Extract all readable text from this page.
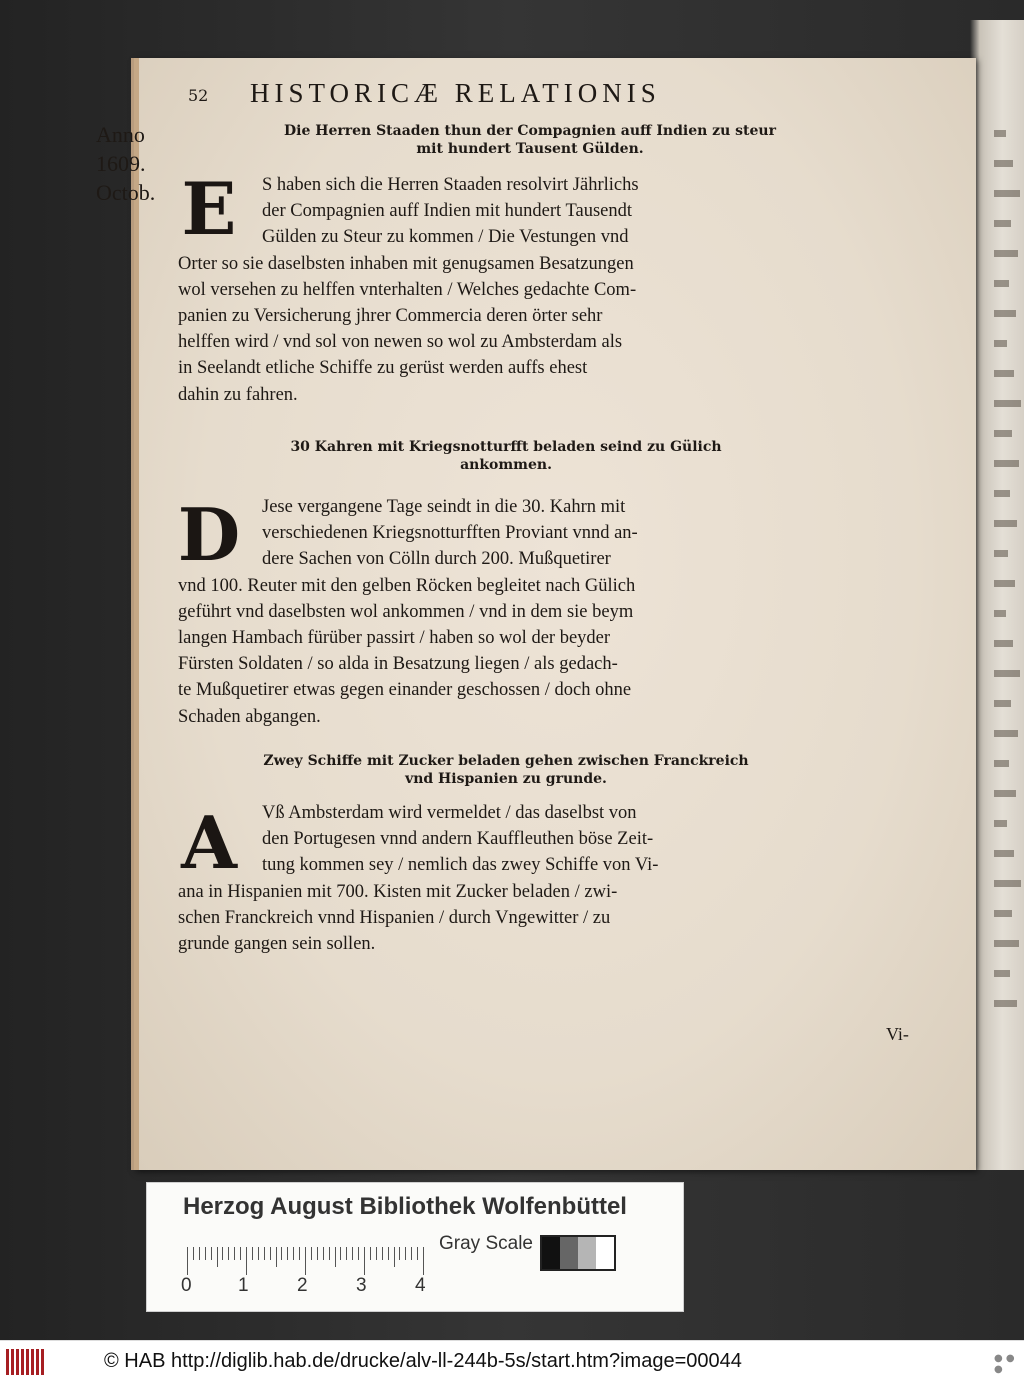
52 HISTORICÆ RELATIONIS
Anno
1609.
Octob.
Die Herren Staaden thun der Compagnien auff Indien zu steur
mit hundert Tausent Gülden.
E	S haben sich die Herren Staaden resolvirt Jährlichs
der Compagnien auff Indien mit hundert Tausendt
Gülden zu Steur zu kommen / Die Vestungen vnd
Orter so sie daselbsten inhaben mit genugsamen Besatzungen
wol versehen zu helffen vnterhalten / Welches gedachte Com-
panien zu Versicherung jhrer Commercia deren örter sehr
helffen wird / vnd sol von newen so wol zu Ambsterdam als
in Seelandt etliche Schiffe zu gerüst werden auffs ehest
dahin zu fahren.
30 Kahren mit Kriegsnotturfft beladen seind zu Gülich
ankommen.
D	Jese vergangene Tage seindt in die 30. Kahrn mit
verschiedenen Kriegsnotturfften Proviant vnnd an-
dere Sachen von Cölln durch 200. Mußquetirer
vnd 100. Reuter mit den gelben Röcken begleitet nach Gülich
geführt vnd daselbsten wol ankommen / vnd in dem sie beym
langen Hambach fürüber passirt / haben so wol der beyder
Fürsten Soldaten / so alda in Besatzung liegen / als gedach-
te Mußquetirer etwas gegen einander geschossen / doch ohne
Schaden abgangen.
Zwey Schiffe mit Zucker beladen gehen zwischen Franckreich
vnd Hispanien zu grunde.
A	Vß Ambsterdam wird vermeldet / das daselbst von
den Portugesen vnnd andern Kauffleuthen böse Zeit-
tung kommen sey / nemlich das zwey Schiffe von Vi-
ana in Hispanien mit 700. Kisten mit Zucker beladen / zwi-
schen Franckreich vnnd Hispanien / durch Vngewitter / zu
grunde gangen sein sollen.
Vi-
Herzog August Bibliothek Wolfenbüttel
0 1	2	3	4
Gray Scale
© HAB http://diglib.hab.de/drucke/alv-ll-244b-5s/start.htm?image=00044	● ● ●
